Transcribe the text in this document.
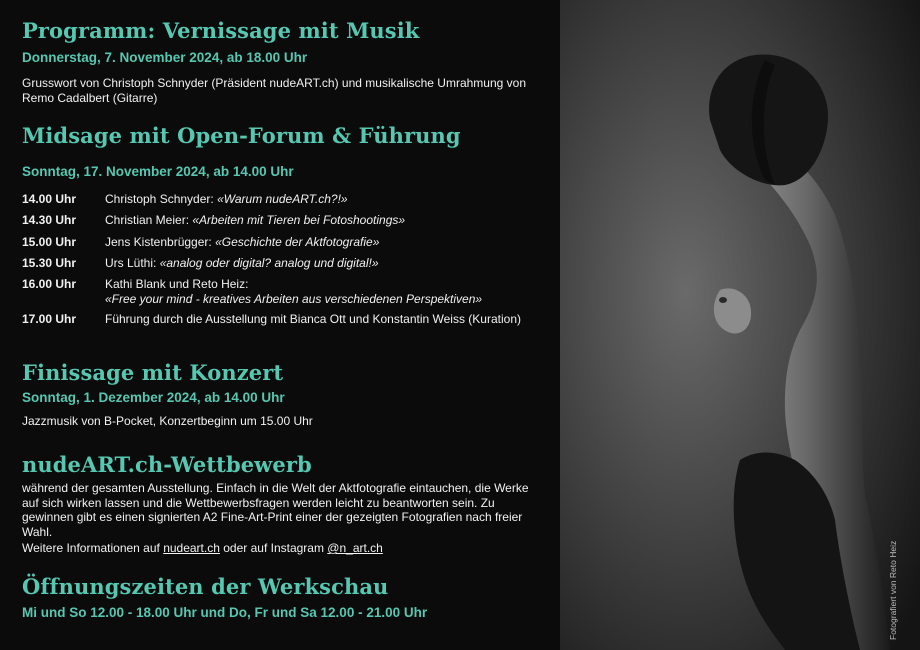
Programm: Vernissage mit Musik
Donnerstag, 7. November 2024, ab 18.00 Uhr
Grusswort von Christoph Schnyder (Präsident nudeART.ch) und musikalische Umrahmung von Remo Cadalbert (Gitarre)
Midsage mit Open-Forum & Führung
Sonntag, 17. November 2024, ab 14.00 Uhr
14.00 Uhr Christoph Schnyder: «Warum nudeART.ch?!»
14.30 Uhr Christian Meier: «Arbeiten mit Tieren bei Fotoshootings»
15.00 Uhr Jens Kistenbrügger: «Geschichte der Aktfotografie»
15.30 Uhr Urs Lüthi: «analog oder digital? analog und digital!»
16.00 Uhr Kathi Blank und Reto Heiz:
«Free your mind - kreatives Arbeiten aus verschiedenen Perspektiven»
17.00 Uhr Führung durch die Ausstellung mit Bianca Ott und Konstantin Weiss (Kuration)
Finissage mit Konzert
Sonntag, 1. Dezember 2024, ab 14.00 Uhr
Jazzmusik von B-Pocket, Konzertbeginn um 15.00 Uhr
nudeART.ch-Wettbewerb
während der gesamten Ausstellung. Einfach in die Welt der Aktfotografie eintauchen, die Werke auf sich wirken lassen und die Wettbewerbsfragen werden leicht zu beantworten sein. Zu gewinnen gibt es einen signierten A2 Fine-Art-Print einer der gezeigten Fotografien nach freier Wahl.
Weitere Informationen auf nudeart.ch oder auf Instagram @n_art.ch
Öffnungszeiten der Werkschau
Mi und So 12.00 - 18.00 Uhr und Do, Fr und Sa 12.00 - 21.00 Uhr	Fotografiert von Reto Heiz
